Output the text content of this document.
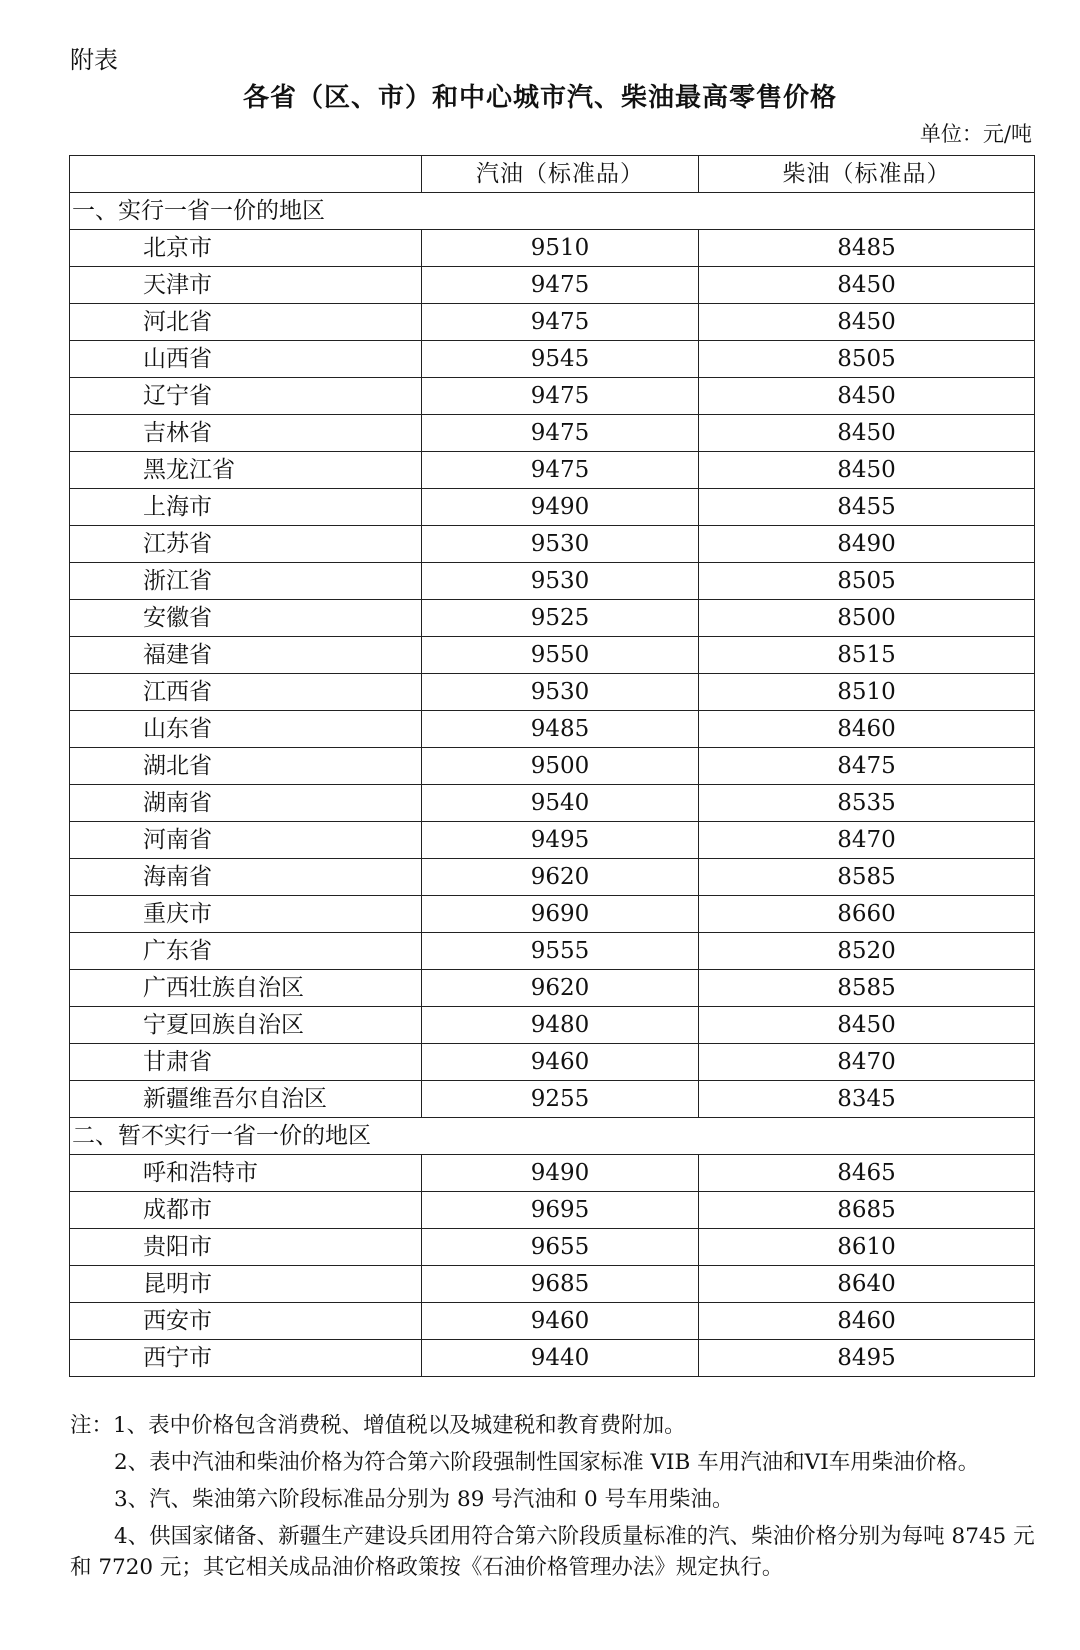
附表
各省（区、市）和中心城市汽、柴油最高零售价格
单位：元/吨
	汽油（标准品）	柴油（标准品）
一、实行一省一价的地区		
北京市	9510	8485
天津市	9475	8450
河北省	9475	8450
山西省	9545	8505
辽宁省	9475	8450
吉林省	9475	8450
黑龙江省	9475	8450
上海市	9490	8455
江苏省	9530	8490
浙江省	9530	8505
安徽省	9525	8500
福建省	9550	8515
江西省	9530	8510
山东省	9485	8460
湖北省	9500	8475
湖南省	9540	8535
河南省	9495	8470
海南省	9620	8585
重庆市	9690	8660
广东省	9555	8520
广西壮族自治区	9620	8585
宁夏回族自治区	9480	8450
甘肃省	9460	8470
新疆维吾尔自治区	9255	8345
二、暂不实行一省一价的地区		
呼和浩特市	9490	8465
成都市	9695	8685
贵阳市	9655	8610
昆明市	9685	8640
西安市	9460	8460
西宁市	9440	8495

注：1、表中价格包含消费税、增值税以及城建税和教育费附加。

2、表中汽油和柴油价格为符合第六阶段强制性国家标准 VIB 车用汽油和VI车用柴油价格。

3、汽、柴油第六阶段标准品分别为 89 号汽油和 0 号车用柴油。

4、供国家储备、新疆生产建设兵团用符合第六阶段质量标准的汽、柴油价格分别为每吨 8745 元和 7720 元；其它相关成品油价格政策按《石油价格管理办法》规定执行。
